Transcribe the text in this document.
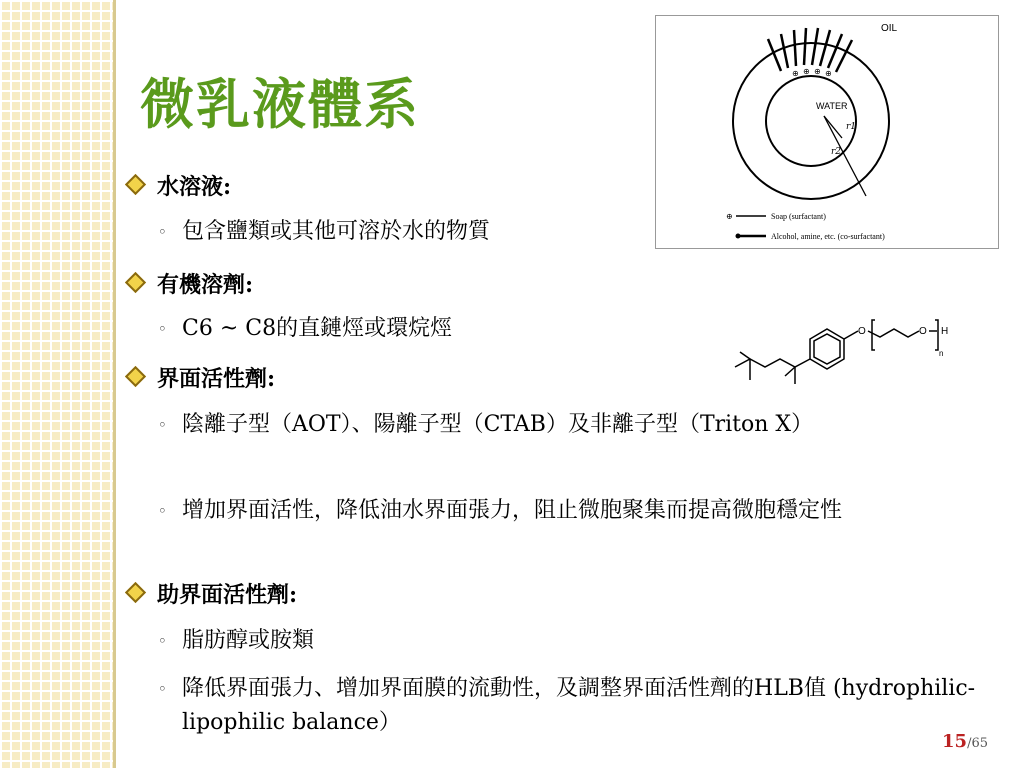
微乳液體系
水溶液:
◦ 包含鹽類或其他可溶於水的物質
有機溶劑:
◦ C6 ~ C8的直鏈烴或環烷烴
界面活性劑:
◦ 陰離子型（AOT）、陽離子型（CTAB）及非離子型（Triton X）
◦ 增加界面活性，降低油水界面張力，阻止微胞聚集而提高微胞穩定性
助界面活性劑:
◦ 脂肪醇或胺類
◦ 降低界面張力、增加界面膜的流動性，及調整界面活性劑的HLB值 (hydrophilic-lipophilic balance）
⊕ ⊕ ⊕ ⊕
OIL
WATER
r1
r2
⊕	Soap (surfactant)
Alcohol, amine, etc. (co-surfactant)
O	O H
n
15/65
